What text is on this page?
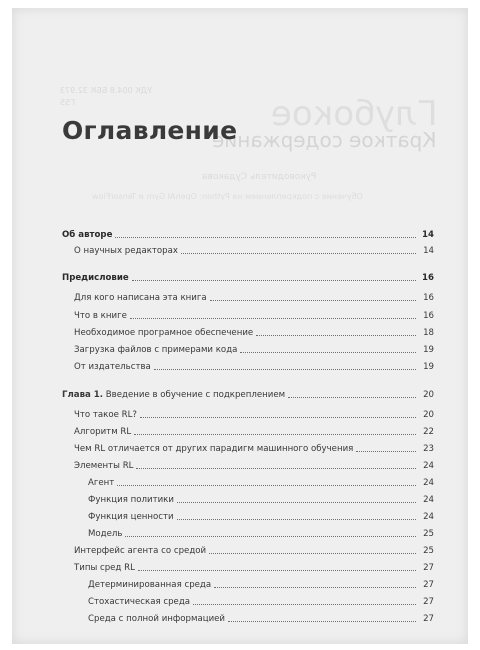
Глубокое
Краткое содержание
УДК 004.8 ББК 32.973
Г55
Руководитель Судакова
Обучение с подкреплением на Python: OpenAI Gym и TensorFlow
Оглавление
Об авторе	14
О научных редакторах	14
Предисловие	16
Для кого написана эта книга	16
Что в книге	16
Необходимое програмное обеспечение	18
Загрузка файлов с примерами кода	19
От издательства	19
Глава 1. Введение в обучение с подкреплением	20
Что такое RL?	20
Алгоритм RL	22
Чем RL отличается от других парадигм машинного обучения	23
Элементы RL	24
Агент	24
Функция политики	24
Функция ценности	24
Модель	25
Интерфейс агента со средой	25
Типы сред RL	27
Детерминированная среда	27
Стохастическая среда	27
Среда с полной информацией	27
